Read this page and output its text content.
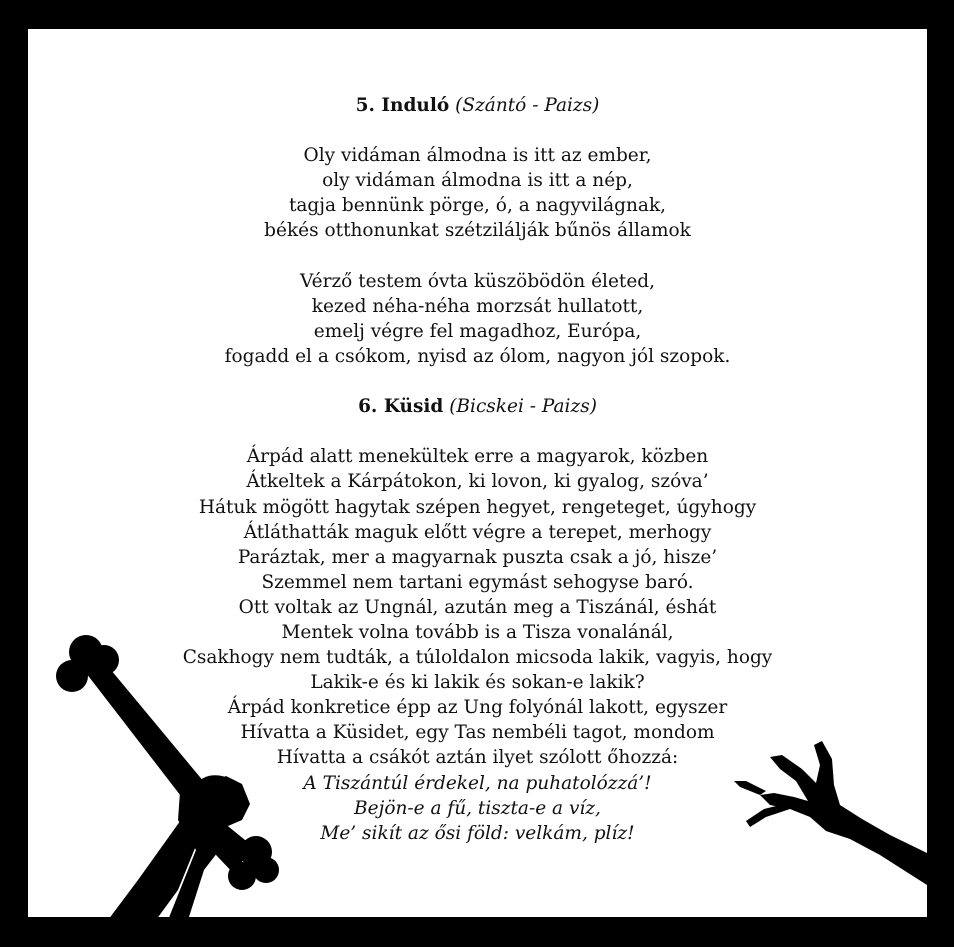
5. Induló (Szántó - Paizs)
Oly vidáman álmodna is itt az ember,
oly vidáman álmodna is itt a nép,
tagja bennünk pörge, ó, a nagyvilágnak,
békés otthonunkat szétzilálják bűnös államok
Vérző testem óvta küszöbödön életed,
kezed néha-néha morzsát hullatott,
emelj végre fel magadhoz, Európa,
fogadd el a csókom, nyisd az ólom, nagyon jól szopok.
6. Küsid (Bicskei - Paizs)
Árpád alatt menekültek erre a magyarok, közben
Átkeltek a Kárpátokon, ki lovon, ki gyalog, szóva’
Hátuk mögött hagytak szépen hegyet, rengeteget, úgyhogy
Átláthatták maguk előtt végre a terepet, merhogy
Paráztak, mer a magyarnak puszta csak a jó, hisze’
Szemmel nem tartani egymást sehogyse baró.
Ott voltak az Ungnál, azután meg a Tiszánál, éshát
Mentek volna tovább is a Tisza vonalánál,
Csakhogy nem tudták, a túloldalon micsoda lakik, vagyis, hogy
Lakik-e és ki lakik és sokan-e lakik?
Árpád konkretice épp az Ung folyónál lakott, egyszer
Hívatta a Küsidet, egy Tas nembéli tagot, mondom
Hívatta a csákót aztán ilyet szólott őhozzá:
A Tiszántúl érdekel, na puhatolózzá’!
Bejön-e a fű, tiszta-e a víz,
Me’ sikít az ősi föld: velkám, plíz!
